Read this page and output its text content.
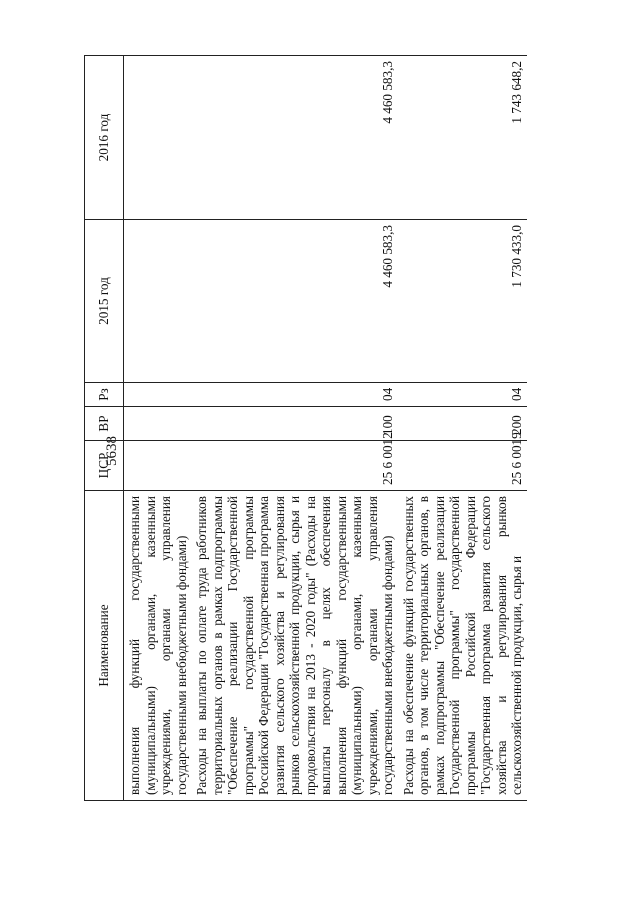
5638
Наименование	ЦСР	ВР	Рз	2015 год	2016 год
выполнения функций государственными (муниципальными) органами, казенными учреждениями, органами управления государственными внебюджетными фондами)					
Расходы на выплаты по оплате труда работников территориальных органов в рамках подпрограммы "Обеспечение реализации Государственной программы" государственной программы Российской Федерации "Государственная программа развития сельского хозяйства и регулирования рынков сельскохозяйственной продукции, сырья и продовольствия на 2013 - 2020 годы" (Расходы на выплаты персоналу в целях обеспечения выполнения функций государственными (муниципальными) органами, казенными учреждениями, органами управления государственными внебюджетными фондами)	25 6 0012	100	04	4 460 583,3	4 460 583,3
Расходы на обеспечение функций государственных органов, в том числе территориальных органов, в рамках подпрограммы "Обеспечение реализации Государственной программы" государственной программы Российской Федерации "Государственная программа развития сельского хозяйства и регулирования рынков сельскохозяйственной продукции, сырья и	25 6 0019	200	04	1 730 433,0	1 743 648,2
